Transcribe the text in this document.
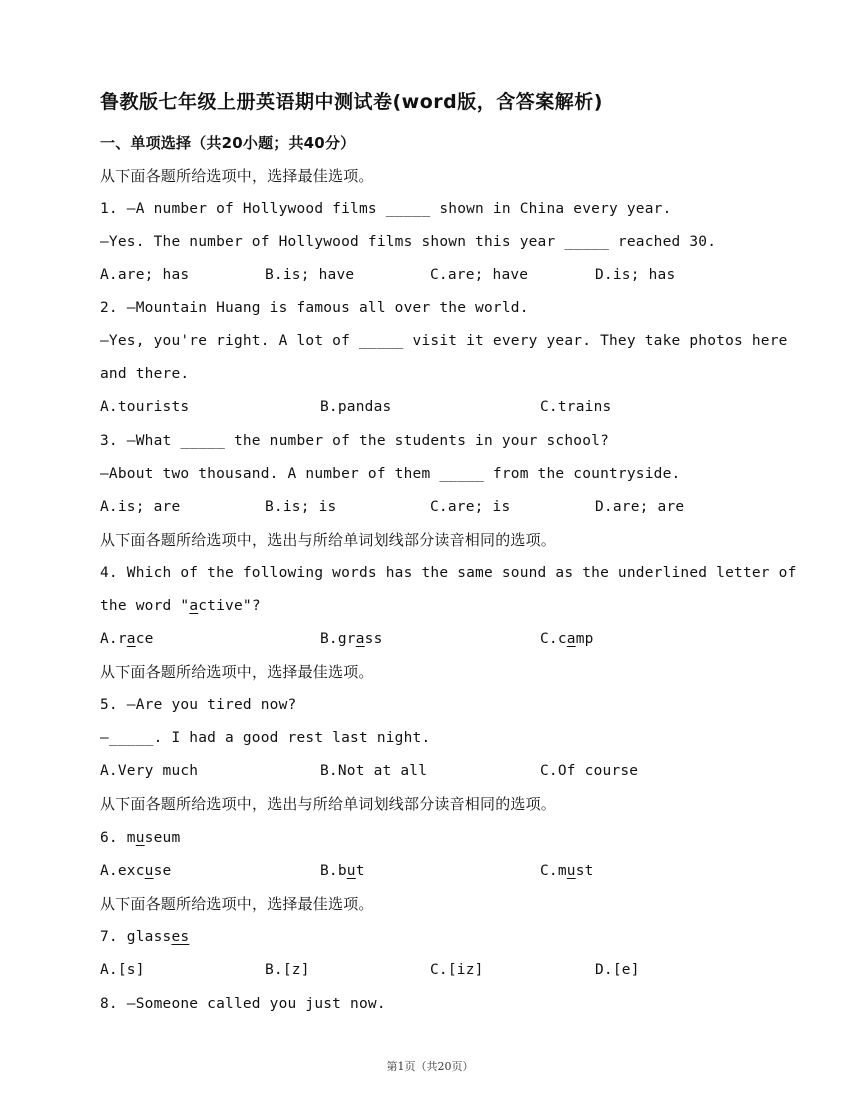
鲁教版七年级上册英语期中测试卷(word版，含答案解析)
一、单项选择（共20小题；共40分）
从下面各题所给选项中，选择最佳选项。
1. —A number of Hollywood films _____ shown in China every year.
—Yes. The number of Hollywood films shown this year _____ reached 30.
A.are; has	B.is; have	C.are; have	D.is; has
2. —Mountain Huang is famous all over the world.
—Yes, you're right. A lot of _____ visit it every year. They take photos here
and there.
A.tourists	B.pandas	C.trains
3. —What _____ the number of the students in your school?
—About two thousand. A number of them _____ from the countryside.
A.is; are	B.is; is	C.are; is	D.are; are
从下面各题所给选项中，选出与所给单词划线部分读音相同的选项。
4. Which of the following words has the same sound as the underlined letter of
the word "active"?
A.race	B.grass	C.camp
从下面各题所给选项中，选择最佳选项。
5. —Are you tired now?
—_____. I had a good rest last night.
A.Very much	B.Not at all	C.Of course
从下面各题所给选项中，选出与所给单词划线部分读音相同的选项。
6. museum
A.excuse	B.but	C.must
从下面各题所给选项中，选择最佳选项。
7. glasses
A.[s]	B.[z]	C.[iz]	D.[e]
8. —Someone called you just now.
第1页（共20页）
